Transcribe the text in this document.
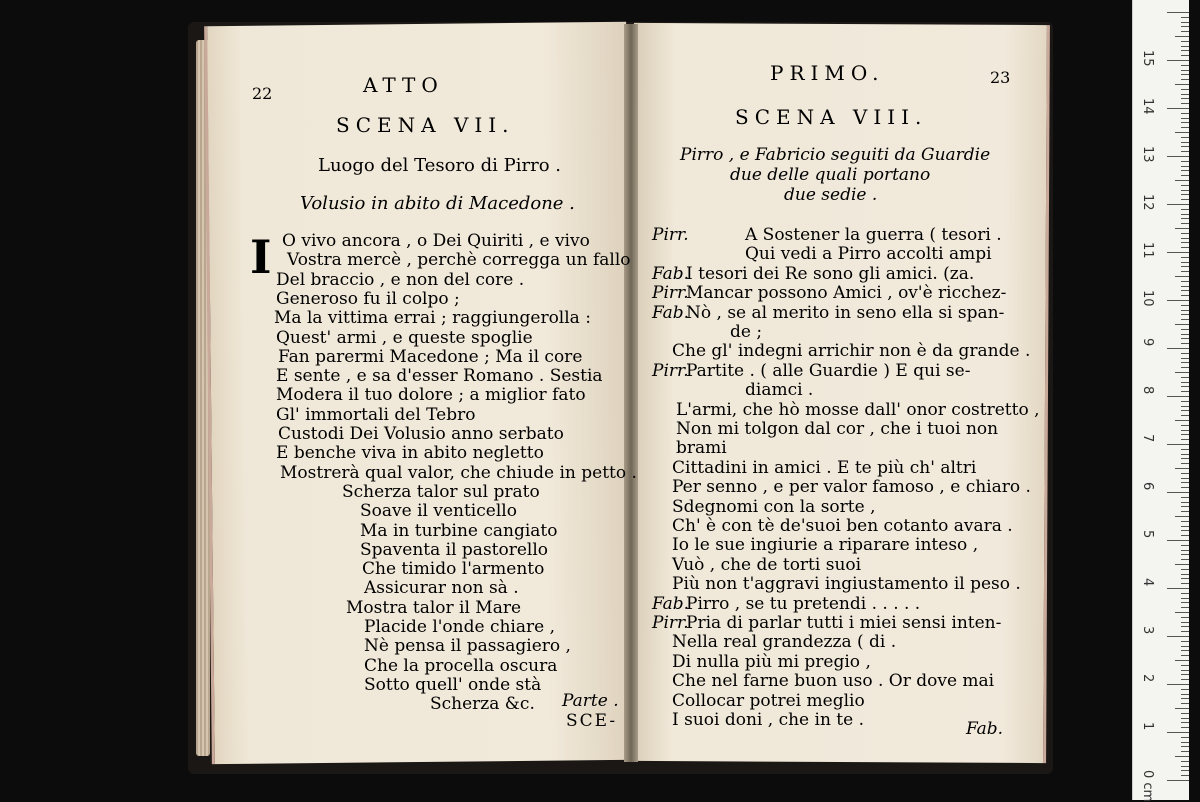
22	ATTO
SCENA VII.
Luogo del Tesoro di Pirro .
Volusio in abito di Macedone .
I O vivo ancora , o Dei Quiriti , e vivo
Vostra mercè , perchè corregga un fallo
Del braccio , e non del core .
Generoso fu il colpo ;
Ma la vittima errai ; raggiungerolla :
Quest' armi , e queste spoglie
Fan parermi Macedone ; Ma il core
E sente , e sa d'esser Romano . Sestia
Modera il tuo dolore ; a miglior fato
Gl' immortali del Tebro
Custodi Dei Volusio anno serbato
E benche viva in abito negletto
Mostrerà qual valor, che chiude in petto .
Scherza talor sul prato
Soave il venticello
Ma in turbine cangiato
Spaventa il pastorello
Che timido l'armento
Assicurar non sà .
Mostra talor il Mare
Placide l'onde chiare ,
Nè pensa il passagiero ,
Che la procella oscura
Sotto quell' onde stà
Scherza &c. Parte .
SCE-
PRIMO.	23
SCENA VIII.
Pirro , e Fabricio seguiti da Guardie
due delle quali portano
due sedie .
Pirr.	A Sostener la guerra ( tesori .
Qui vedi a Pirro accolti ampi
Fab.
I tesori dei Re sono gli amici. (za.
Pirr.
Mancar possono Amici , ov'è ricchez-
Fab.
Nò , se al merito in seno ella si span-
de ;
Che gl' indegni arrichir non è da grande .
Pirr.
Partite . ( alle Guardie ) E qui se-
diamci .
L'armi, che hò mosse dall' onor costretto ,
Non mi tolgon dal cor , che i tuoi non
brami
Cittadini in amici . E te più ch' altri
Per senno , e per valor famoso , e chiaro .
Sdegnomi con la sorte ,
Ch' è con tè de'suoi ben cotanto avara .
Io le sue ingiurie a riparare inteso ,
Vuò , che de torti suoi
Più non t'aggravi ingiustamento il peso .
Fab.
Pirro , se tu pretendi . . . . .
Pirr.
Pria di parlar tutti i miei sensi inten-
Nella real grandezza ( di .
Di nulla più mi pregio ,
Che nel farne buon uso . Or dove mai
Collocar potrei meglio
I suoi doni , che in te .	Fab.
0 cm
1
2
3
4
5
6
7
8
9
10
11
12
13
14
15
